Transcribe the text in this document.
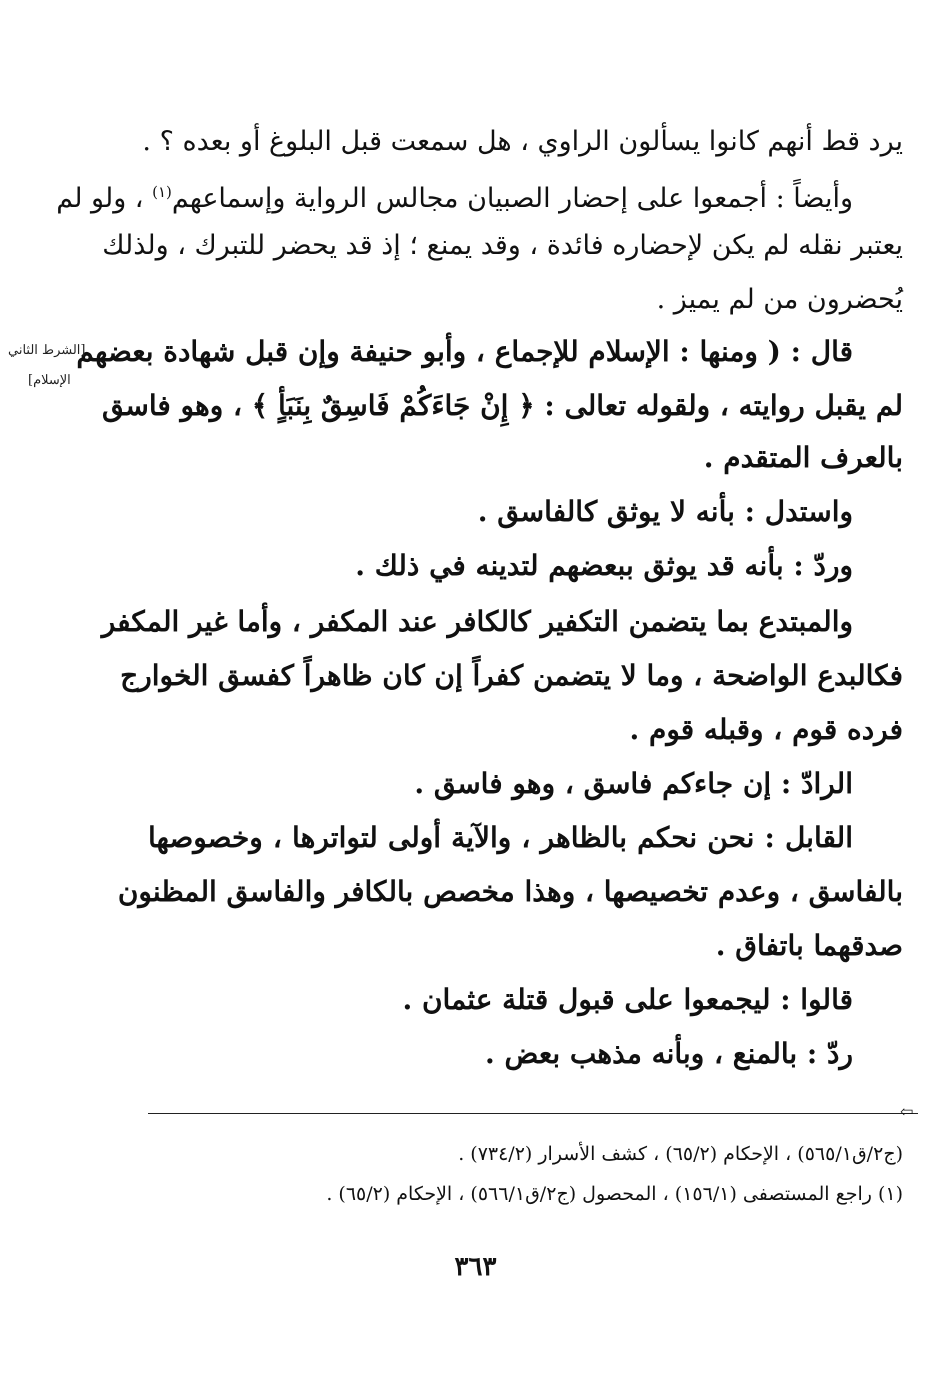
يرد قط أنهم كانوا يسألون الراوي ، هل سمعت قبل البلوغ أو بعده ؟ .
وأيضاً : أجمعوا على إحضار الصبيان مجالس الرواية وإسماعهم$^{(١)}$ ، ولو لم
يعتبر نقله لم يكن لإحضاره فائدة ، وقد يمنع ؛ إذ قد يحضر للتبرك ، ولذلك
يُحضرون من لم يميز .
قال : ( ومنها : الإسلام للإجماع ، وأبو حنيفة وإن قبل شهادة بعضهم
[الشرط الثاني
الإسلام]
لم يقبل روايته ، ولقوله تعالى : ﴿ إِنْ جَاءَكُمْ فَاسِقٌ بِنَبَأٍ ﴾ ، وهو فاسق
بالعرف المتقدم .
واستدل : بأنه لا يوثق كالفاسق .
وردّ : بأنه قد يوثق ببعضهم لتدينه في ذلك .
والمبتدع بما يتضمن التكفير كالكافر عند المكفر ، وأما غير المكفر
فكالبدع الواضحة ، وما لا يتضمن كفراً إن كان ظاهراً كفسق الخوارج
فرده قوم ، وقبله قوم .
الرادّ : إن جاءكم فاسق ، وهو فاسق .
القابل : نحن نحكم بالظاهر ، والآية أولى لتواترها ، وخصوصها
بالفاسق ، وعدم تخصيصها ، وهذا مخصص بالكافر والفاسق المظنون
صدقهما باتفاق .
قالوا : ليجمعوا على قبول قتلة عثمان .
ردّ : بالمنع ، وبأنه مذهب بعض .
⇦
(ج٢/ق٥٦٥/١) ، الإحكام (٦٥/٢) ، كشف الأسرار (٧٣٤/٢) .
(١) راجع المستصفى (١٥٦/١) ، المحصول (ج٢/ق٥٦٦/١) ، الإحكام (٦٥/٢) .
٣٦٣
